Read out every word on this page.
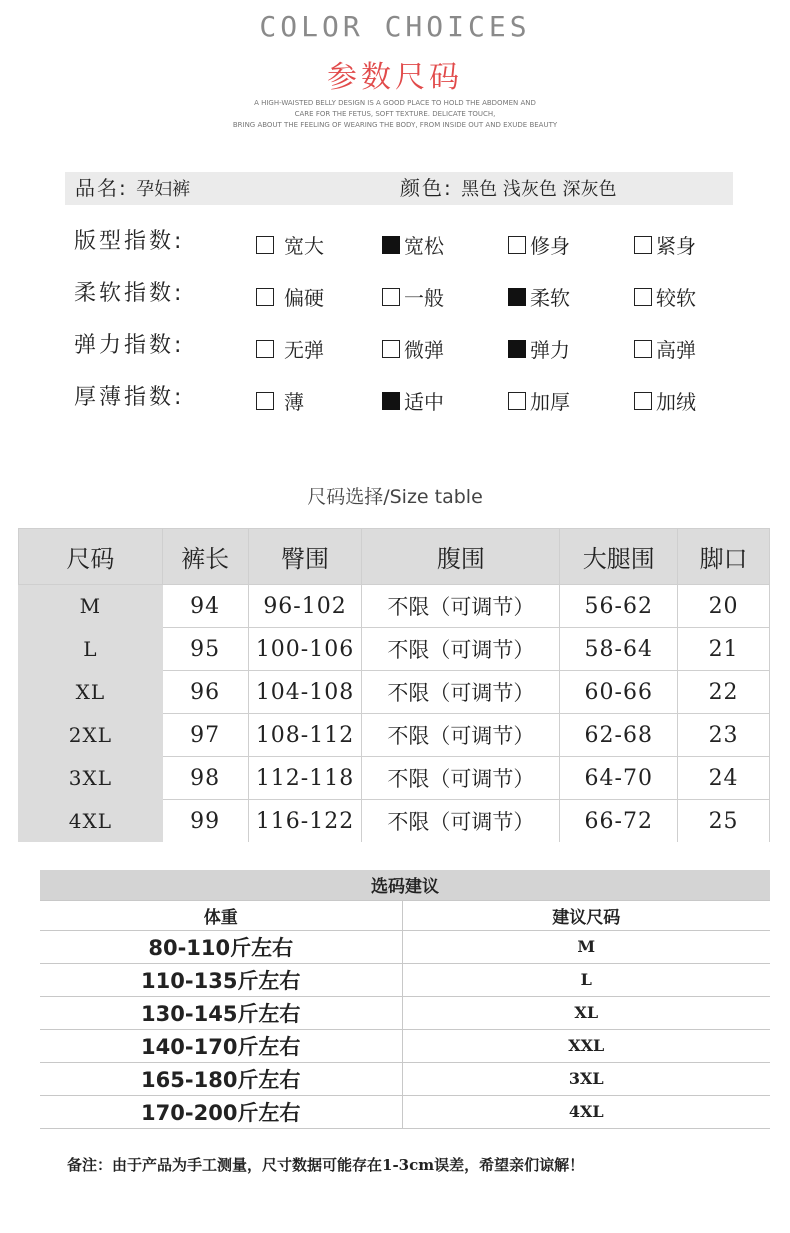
COLOR CHOICES
参数尺码
A HIGH-WAISTED BELLY DESIGN IS A GOOD PLACE TO HOLD THE ABDOMEN AND
CARE FOR THE FETUS, SOFT TEXTURE. DELICATE TOUCH,
BRING ABOUT THE FEELING OF WEARING THE BODY, FROM INSIDE OUT AND EXUDE BEAUTY
品名: 孕妇裤	颜色: 黑色 浅灰色 深灰色
版型指数:	宽大	宽松	修身	紧身
柔软指数:	偏硬	一般	柔软	较软
弹力指数:	无弹	微弹	弹力	高弹
厚薄指数:	薄	适中	加厚	加绒
尺码选择/Size table
尺码	裤长	臀围	腹围	大腿围	脚口
M	94	96-102	不限（可调节）	56-62	20
L	95	100-106	不限（可调节）	58-64	21
XL	96	104-108	不限（可调节）	60-66	22
2XL	97	108-112	不限（可调节）	62-68	23
3XL	98	112-118	不限（可调节）	64-70	24
4XL	99	116-122	不限（可调节）	66-72	25
选码建议	
体重	建议尺码
80-110斤左右	M
110-135斤左右	L
130-145斤左右	XL
140-170斤左右	XXL
165-180斤左右	3XL
170-200斤左右	4XL
备注：由于产品为手工测量，尺寸数据可能存在1-3cm误差，希望亲们谅解！
